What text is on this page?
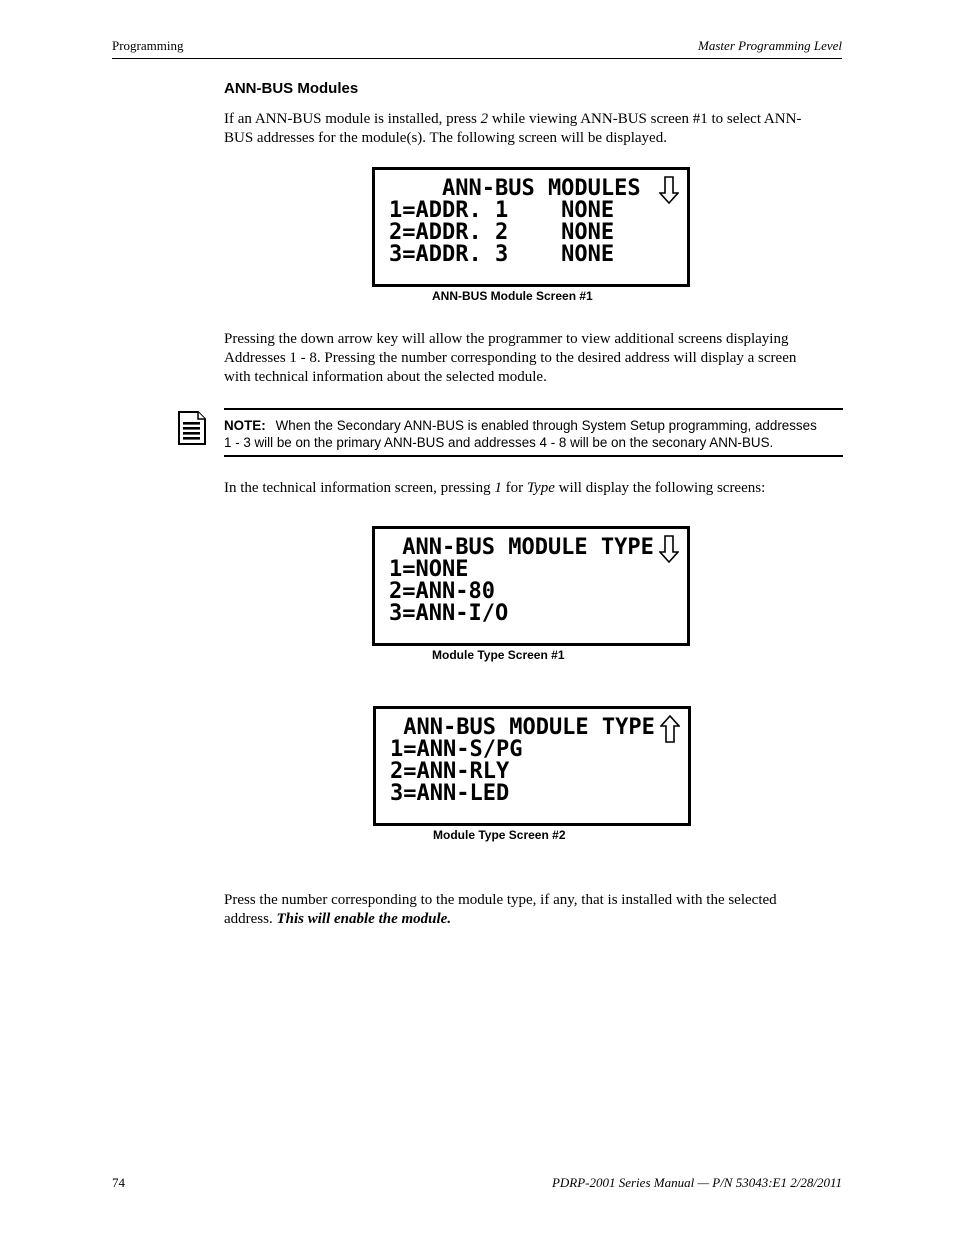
Programming	Master Programming Level
ANN-BUS Modules
If an ANN-BUS module is installed, press 2 while viewing ANN-BUS screen #1 to select ANN-
BUS addresses for the module(s). The following screen will be displayed.
ANN-BUS MODULES
1=ADDR. 1    NONE
2=ADDR. 2    NONE
3=ADDR. 3    NONE
ANN-BUS Module Screen #1
Pressing the down arrow key will allow the programmer to view additional screens displaying
Addresses 1 - 8. Pressing the number corresponding to the desired address will display a screen
with technical information about the selected module.
NOTE: When the Secondary ANN-BUS is enabled through System Setup programming, addresses
1 - 3 will be on the primary ANN-BUS and addresses 4 - 8 will be on the seconary ANN-BUS.
In the technical information screen, pressing 1 for Type will display the following screens:
ANN-BUS MODULE TYPE
1=NONE
2=ANN-80
3=ANN-I/O
Module Type Screen #1
ANN-BUS MODULE TYPE
1=ANN-S/PG
2=ANN-RLY
3=ANN-LED
Module Type Screen #2
Press the number corresponding to the module type, if any, that is installed with the selected
address. This will enable the module.
74	PDRP-2001 Series Manual — P/N 53043:E1 2/28/2011
